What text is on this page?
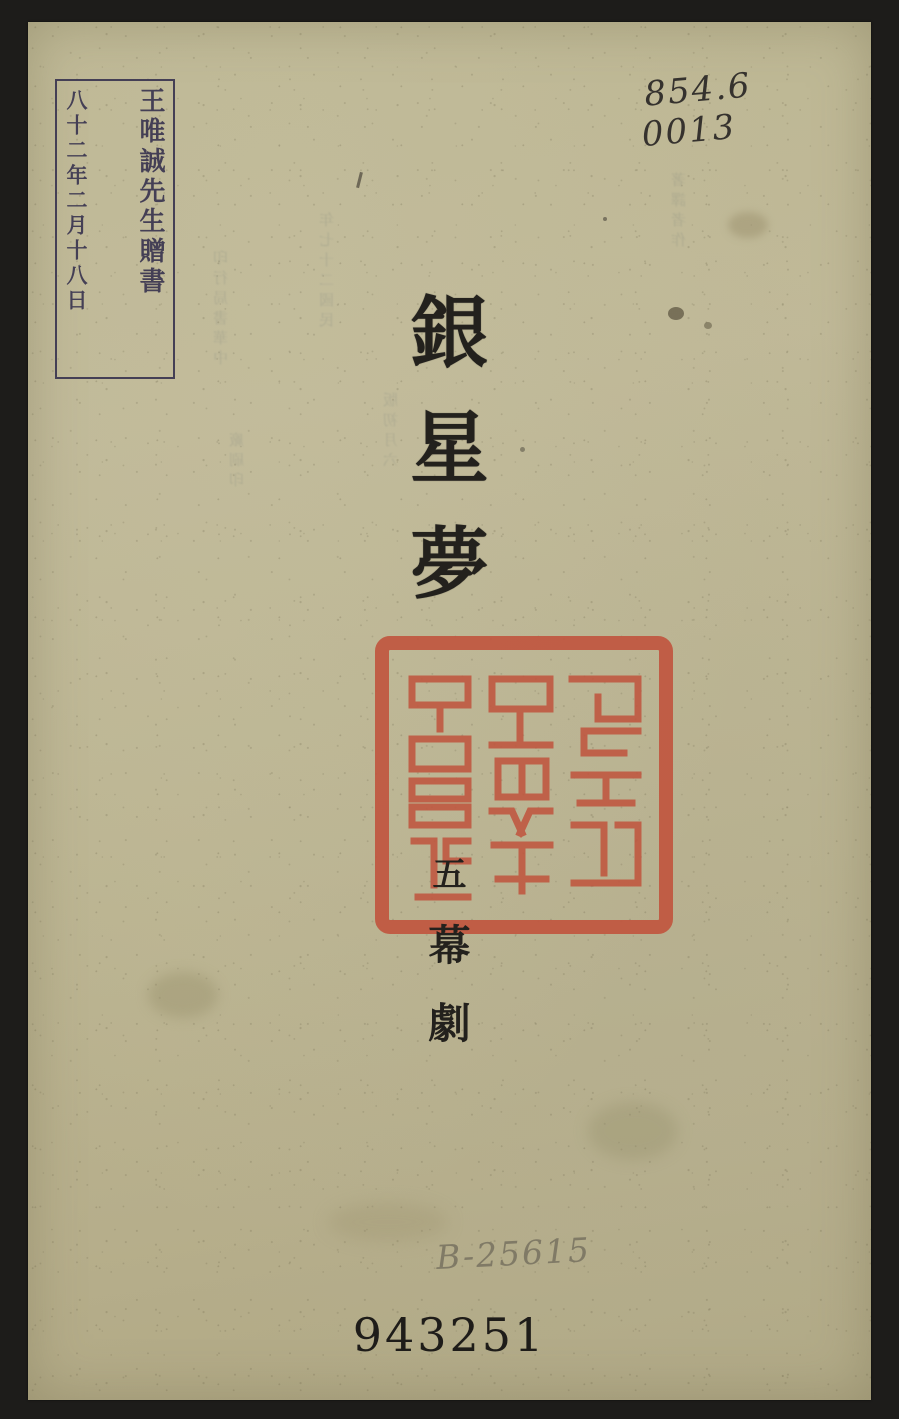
印行局書華中	年七十二國民
版初月六
著譯者作
廠刷印
王唯誠先生贈書
八十二年二月十八日	854.6
0013
銀
星
夢
五
幕
劇
B-25615
943251
